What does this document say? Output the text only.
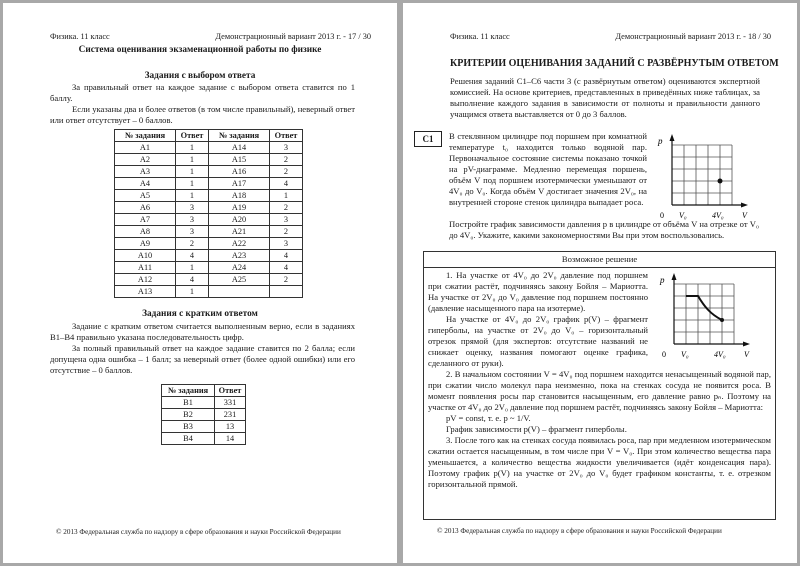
Физика. 11 класс	Демонстрационный вариант 2013 г. - 17 / 30
Система оценивания экзаменационной работы по физике
Задания с выбором ответа

За правильный ответ на каждое задание с выбором ответа ставится по 1 баллу.

Если указаны два и более ответов (в том числе правильный), неверный ответ или ответ отсутствует – 0 баллов.

№ задания	Ответ	№ задания	Ответ
A1	1	A14	3
A2	1	A15	2
A3	1	A16	2
A4	1	A17	4
A5	1	A18	1
A6	3	A19	2
A7	3	A20	3
A8	3	A21	2
A9	2	A22	3
A10	4	A23	4
A11	1	A24	4
A12	4	A25	2
A13	1		
Задания с кратким ответом

Задание с кратким ответом считается выполненным верно, если в заданиях B1–B4 правильно указана последовательность цифр.

За полный правильный ответ на каждое задание ставится по 2 балла; если допущена одна ошибка – 1 балл; за неверный ответ (более одной ошибки) или его отсутствие – 0 баллов.

№ задания	Ответ
B1	331
B2	231
B3	13
B4	14
© 2013 Федеральная служба по надзору в сфере образования и науки Российской Федерации
Физика. 11 класс	Демонстрационный вариант 2013 г. - 18 / 30
КРИТЕРИИ ОЦЕНИВАНИЯ ЗАДАНИЙ С РАЗВЁРНУТЫМ ОТВЕТОМ

Решения заданий С1–С6 части 3 (с развёрнутым ответом) оцениваются экспертной комиссией. На основе критериев, представленных в приведённых ниже таблицах, за выполнение каждого задания в зависимости от полноты и правильности данного учащимся ответа выставляется от 0 до 3 баллов.

C1	В стеклянном цилиндре под поршнем при комнатной температуре t₀ находится только водяной пар. Первоначальное состояние системы показано точкой на pV-диаграмме. Медленно перемещая поршень, объём V под поршнем изотермически уменьшают от 4V₀ до V₀. Когда объём V достигает значения 2V₀, на внутренней стороне стенок цилиндра выпадает роса.

Постройте график зависимости давления p в цилиндре от объёма V на отрезке от V₀ до 4V₀. Укажите, какими закономерностями Вы при этом воспользовались.

p
0 V₀	4V₀ V
Возможное решение

1. На участке от 4V₀ до 2V₀ давление под поршнем при сжатии растёт, подчиняясь закону Бойля – Мариотта. На участке от 2V₀ до V₀ давление под поршнем постоянно (давление насыщенного пара на изотерме).

На участке от 4V₀ до 2V₀ график p(V) – фрагмент гиперболы, на участке от 2V₀ до V₀ – горизонтальный отрезок прямой (для экспертов: отсутствие названий не снижает оценку, названия помогают оценке графика, сделанного от руки).

2. В начальном состоянии V = 4V₀ под поршнем находится ненасыщенный водяной пар, при сжатии число молекул пара неизменно, пока на стенках сосуда не появится роса. В момент появления росы пар становится насыщенным, его давление равно pₙ. Поэтому на участке от 4V₀ до 2V₀ давление под поршнем растёт, подчиняясь закону Бойля – Мариотта:

pV = const, т. е. p ~ 1/V.

График зависимости p(V) – фрагмент гиперболы.

3. После того как на стенках сосуда появилась роса, пар при медленном изотермическом сжатии остается насыщенным, в том числе при V = V₀. При этом количество вещества пара уменьшается, а количество вещества жидкости увеличивается (идёт конденсация пара). Поэтому график p(V) на участке от 2V₀ до V₀ будет графиком константы, т. е. отрезком горизонтальной прямой.

p
0 V₀	4V₀ V
© 2013 Федеральная служба по надзору в сфере образования и науки Российской Федерации
